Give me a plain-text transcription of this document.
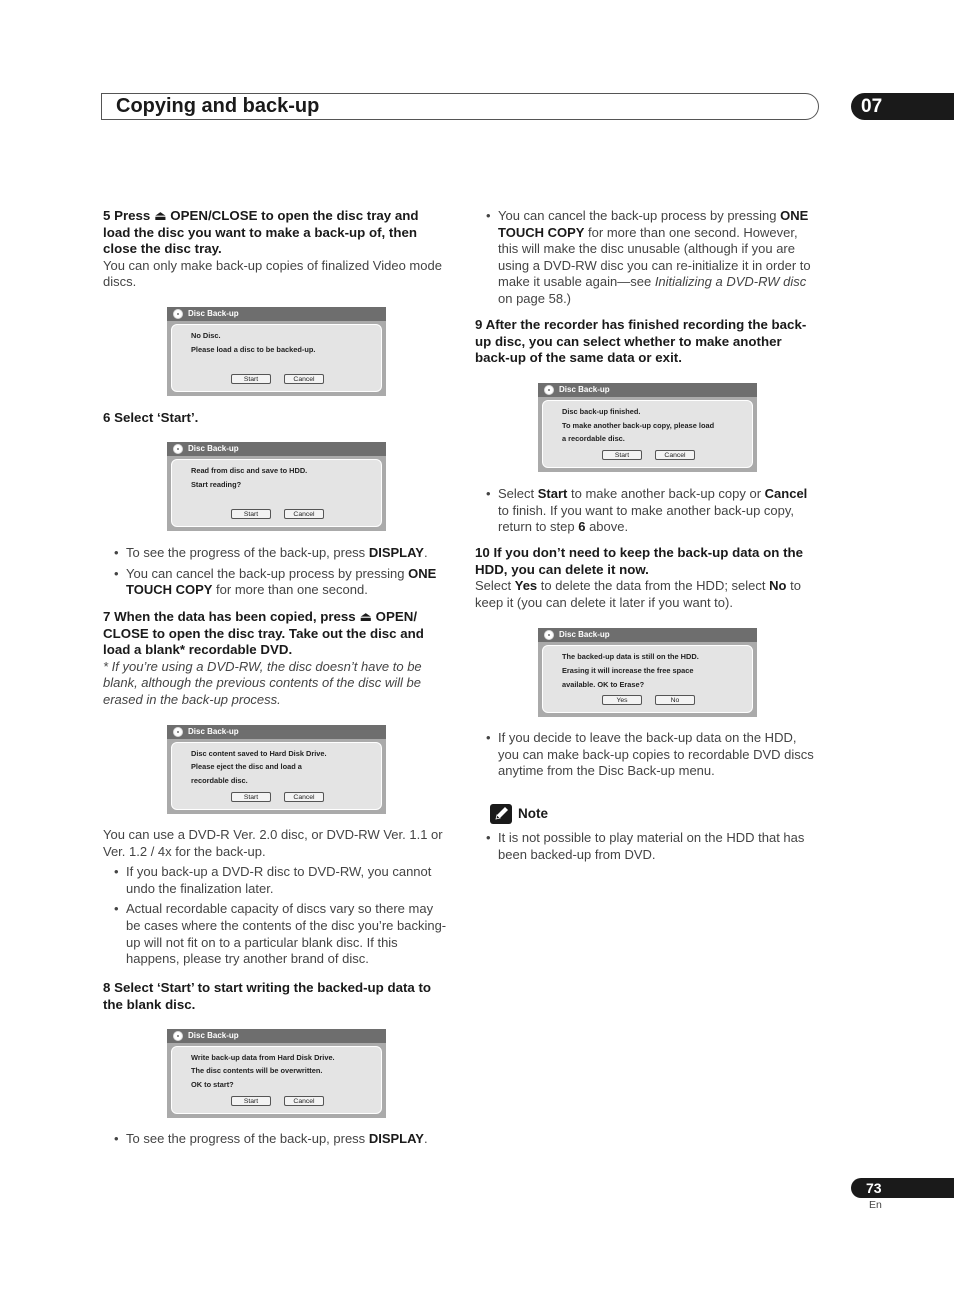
Copying and back-up	07
5 Press ⏏ OPEN/CLOSE to open the disc tray and load the disc you want to make a back-up of, then close the disc tray.
You can only make back-up copies of finalized Video mode discs.
Disc Back-up
No Disc.
Please load a disc to be backed-up.
Start	Cancel
6 Select ‘Start’.
Disc Back-up
Read from disc and save to HDD.
Start reading?
Start	Cancel
• To see the progress of the back-up, press DISPLAY.
• You can cancel the back-up process by pressing ONE TOUCH COPY for more than one second.
7 When the data has been copied, press ⏏ OPEN/ CLOSE to open the disc tray. Take out the disc and load a blank* recordable DVD.
* If you’re using a DVD-RW, the disc doesn’t have to be blank, although the previous contents of the disc will be erased in the back-up process.
Disc Back-up
Disc content saved to Hard Disk Drive.
Please eject the disc and load a
recordable disc.
Start	Cancel
You can use a DVD-R Ver. 2.0 disc, or DVD-RW Ver. 1.1 or Ver. 1.2 / 4x for the back-up.
• If you back-up a DVD-R disc to DVD-RW, you cannot undo the finalization later.
• Actual recordable capacity of discs vary so there may be cases where the contents of the disc you’re backing-up will not fit on to a particular blank disc. If this happens, please try another brand of disc.
8 Select ‘Start’ to start writing the backed-up data to the blank disc.
Disc Back-up
Write back-up data from Hard Disk Drive.
The disc contents will be overwritten.
OK to start?
Start	Cancel
• To see the progress of the back-up, press DISPLAY.
• You can cancel the back-up process by pressing ONE TOUCH COPY for more than one second. However, this will make the disc unusable (although if you are using a DVD-RW disc you can re-initialize it in order to make it usable again—see Initializing a DVD-RW disc on page 58.)
9 After the recorder has finished recording the back-up disc, you can select whether to make another back-up of the same data or exit.
Disc Back-up
Disc back-up finished.
To make another back-up copy, please load
a recordable disc.
Start	Cancel
• Select Start to make another back-up copy or Cancel to finish. If you want to make another back-up copy, return to step 6 above.
10 If you don’t need to keep the back-up data on the HDD, you can delete it now.
Select Yes to delete the data from the HDD; select No to keep it (you can delete it later if you want to).
Disc Back-up
The backed-up data is still on the HDD.
Erasing it will increase the free space
available. OK to Erase?
Yes	No
• If you decide to leave the back-up data on the HDD, you can make back-up copies to recordable DVD discs anytime from the Disc Back-up menu.
Note
• It is not possible to play material on the HDD that has been backed-up from DVD.
73
En
